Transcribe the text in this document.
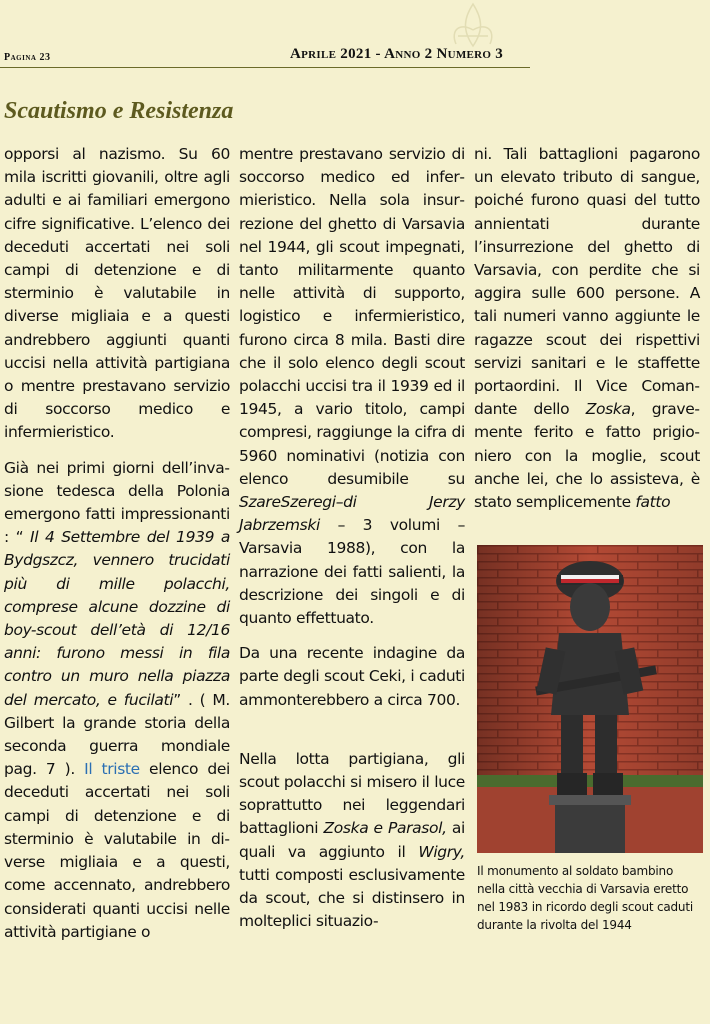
Pagina 23	Aprile 2021 - Anno 2 Numero 3
Scautismo e Resistenza

opporsi al nazismo. Su 60 mila iscritti giovanili, oltre agli adulti e ai familiari emergono cifre significative. L’elenco dei deceduti accertati nei soli campi di detenzione e di sterminio è valutabile in diverse migliaia e a questi andrebbero aggiunti quanti uccisi nella attività partigiana o mentre prestavano servizio di soccorso medico e infermieristico.

Già nei primi giorni dell’invasione tedesca della Polonia emergono fatti impressionanti : “ Il 4 Settembre del 1939 a Bydgszcz, vennero trucidati più di mille polacchi, comprese alcune dozzine di boy-scout dell’età di 12/16 anni: furono messi in fila contro un muro nella piazza del mercato, e fucilati” . ( M. Gilbert la grande storia della seconda guerra mondiale pag. 7 ). Il triste elenco dei deceduti accertati nei soli campi di detenzione e di sterminio è valutabile in diverse migliaia e a questi, come accennato, andrebbero considerati quanti uccisi nelle attività partigiane o

mentre prestavano servizio di soccorso medico ed infermieristico. Nella sola insurrezione del ghetto di Varsavia nel 1944, gli scout impegnati, tanto militarmente quanto nelle attività di supporto, logistico e infermieristico, furono circa 8 mila. Basti dire che il solo elenco degli scout polacchi uccisi tra il 1939 ed il 1945, a vario titolo, campi compresi, raggiunge la cifra di 5960 nominativi (notizia con elenco desumibile su SzareSzeregi–di Jerzy Jabrzemski – 3 volumi – Varsavia 1988), con la narrazione dei fatti salienti, la descrizione dei singoli e di quanto effettuato.

Da una recente indagine da parte degli scout Ceki, i caduti ammonterebbero a circa 700.

Nella lotta partigiana, gli scout polacchi si misero il luce soprattutto nei leggendari battaglioni Zoska e Parasol, ai quali va aggiunto il Wigry, tutti composti esclusivamente da scout, che si distinsero in molteplici situazio-

ni. Tali battaglioni pagarono un elevato tributo di sangue, poiché furono quasi del tutto annientati durante l’insurrezione del ghetto di Varsavia, con perdite che si aggira sulle 600 persone. A tali numeri vanno aggiunte le ragazze scout dei rispettivi servizi sanitari e le staffette portaordini. Il Vice Comandante dello Zoska, gravemente ferito e fatto prigioniero con la moglie, scout anche lei, che lo assisteva, è stato semplicemente fatto

Il monumento al soldato bambino nella città vecchia di Varsavia eretto nel 1983 in ricordo degli scout caduti durante la rivolta del 1944
